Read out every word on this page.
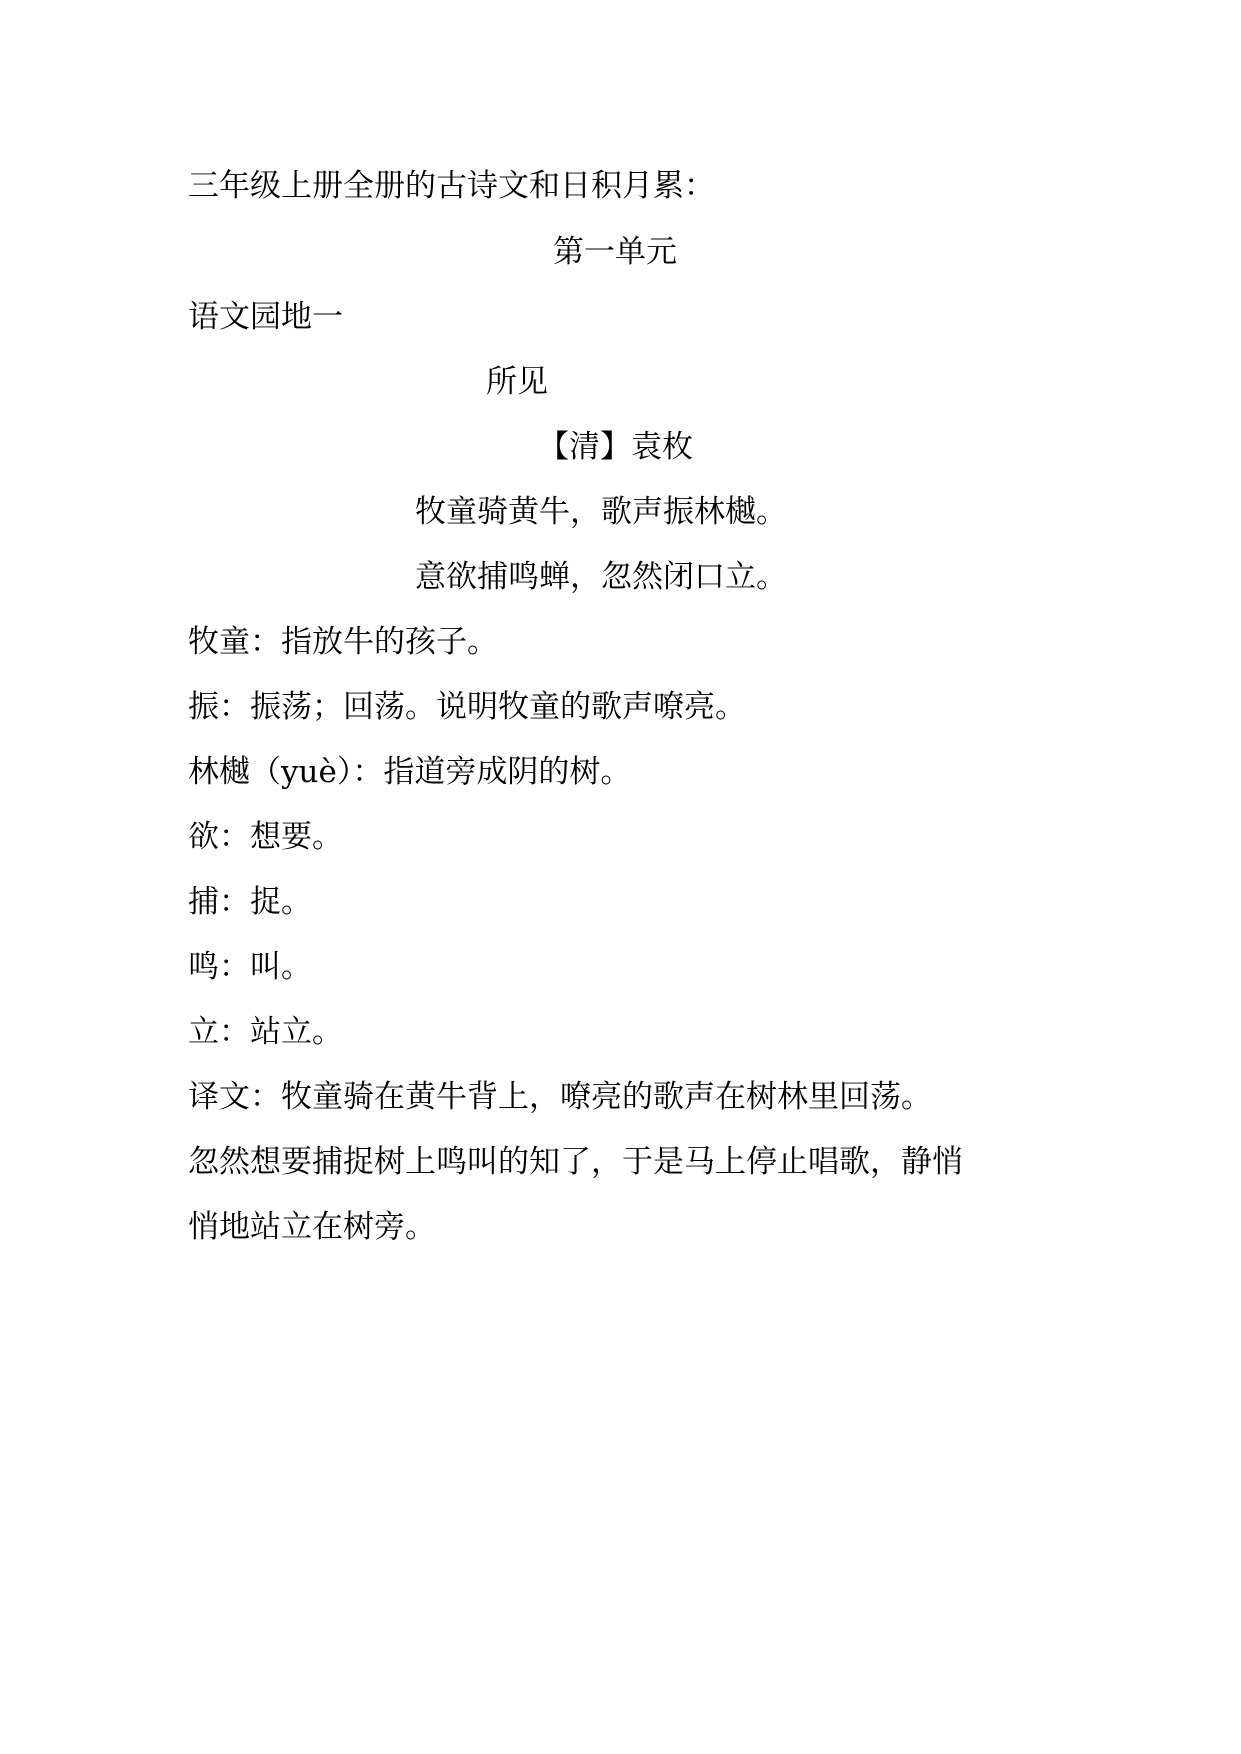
三年级上册全册的古诗文和日积月累：

第一单元

语文园地一

所见

【清】袁枚

牧童骑黄牛，歌声振林樾。

意欲捕鸣蝉，忽然闭口立。

牧童：指放牛的孩子。

振：振荡；回荡。说明牧童的歌声嘹亮。

林樾（yuè）：指道旁成阴的树。

欲：想要。

捕：捉。

鸣：叫。

立：站立。

译文：牧童骑在黄牛背上，嘹亮的歌声在树林里回荡。

忽然想要捕捉树上鸣叫的知了，于是马上停止唱歌，静悄

悄地站立在树旁。
